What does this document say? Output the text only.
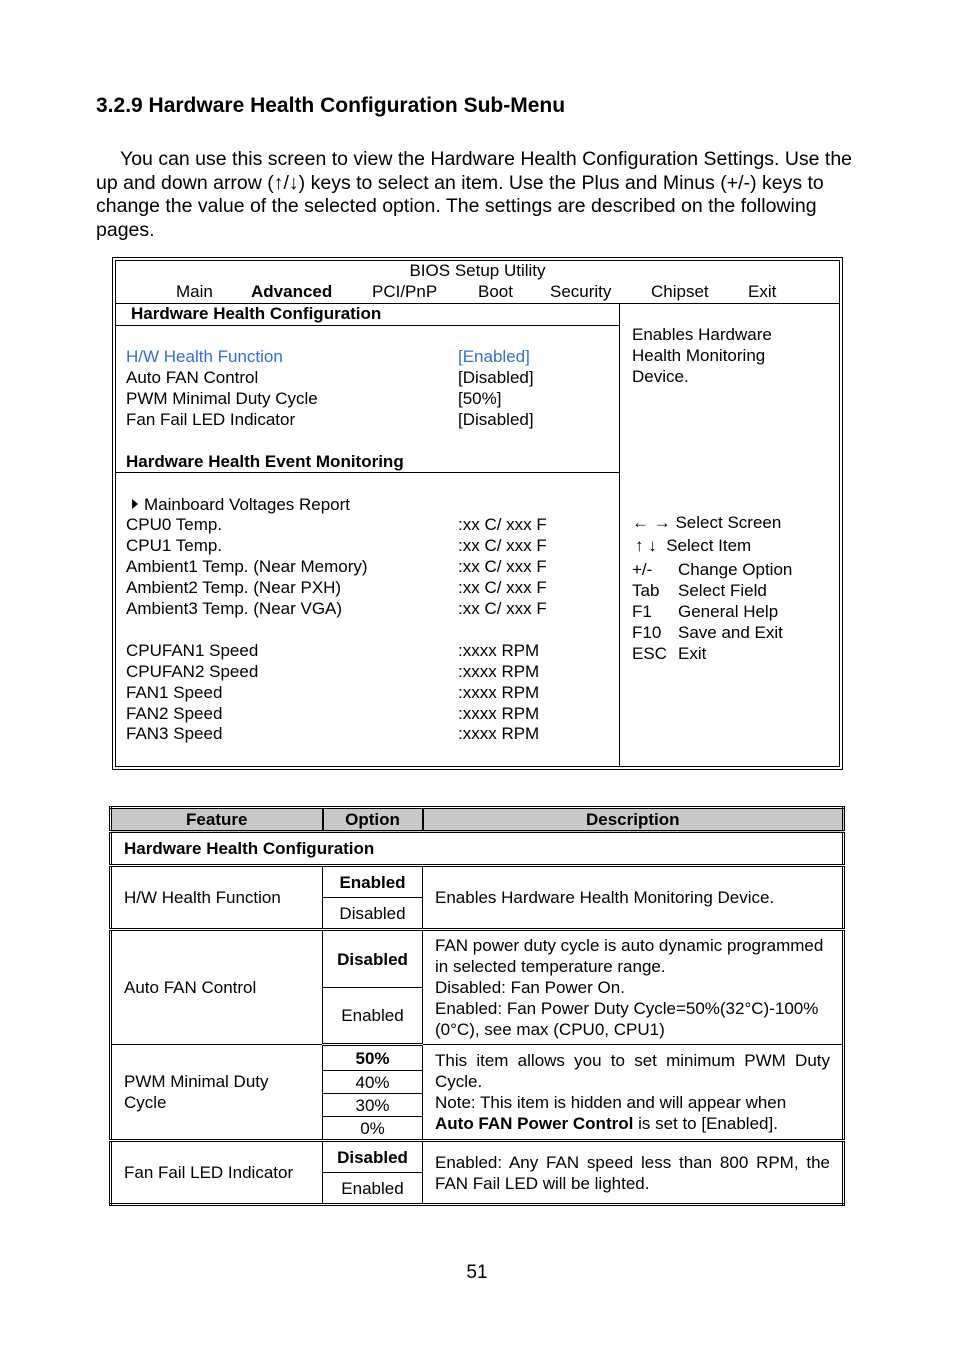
3.2.9 Hardware Health Configuration Sub-Menu
You can use this screen to view the Hardware Health Configuration Settings. Use the up and down arrow (↑/↓) keys to select an item. Use the Plus and Minus (+/-) keys to change the value of the selected option. The settings are described on the following pages.
BIOS Setup Utility
Main Advanced PCI/PnP Boot Security Chipset Exit
Hardware Health Configuration
H/W Health Function	[Enabled]
Auto FAN Control	[Disabled]
PWM Minimal Duty Cycle	[50%]
Fan Fail LED Indicator	[Disabled]
Hardware Health Event Monitoring
Mainboard Voltages Report
CPU0 Temp.	:xx C/ xxx F
CPU1 Temp.	:xx C/ xxx F
Ambient1 Temp. (Near Memory)	:xx C/ xxx F
Ambient2 Temp. (Near PXH)	:xx C/ xxx F
Ambient3 Temp. (Near VGA)	:xx C/ xxx F
CPUFAN1 Speed	:xxxx RPM
CPUFAN2 Speed	:xxxx RPM
FAN1 Speed	:xxxx RPM
FAN2 Speed	:xxxx RPM
FAN3 Speed	:xxxx RPM
Enables Hardware
Health Monitoring
Device.
← → Select Screen
↑ ↓ Select Item
+/- Change Option
Tab Select Field
F1 General Help
F10 Save and Exit
ESC Exit
Feature	Option	Description
Hardware Health Configuration		
H/W Health Function	Enabled	Enables Hardware Health Monitoring Device.
	Disabled	
Auto FAN Control	Disabled	FAN power duty cycle is auto dynamic programmed in selected temperature range.
Disabled: Fan Power On.
Enabled: Fan Power Duty Cycle=50%(32°C)-100%(0°C), see max (CPU0, CPU1)

	Enabled	
PWM Minimal Duty Cycle	50%	This item allows you to set minimum PWM Duty Cycle.
Note: This item is hidden and will appear when
Auto FAN Power Control is set to [Enabled].

	40%	
	30%	
	0%	
Fan Fail LED Indicator	Disabled	Enabled: Any FAN speed less than 800 RPM, the FAN Fail LED will be lighted.
	Enabled	
51
